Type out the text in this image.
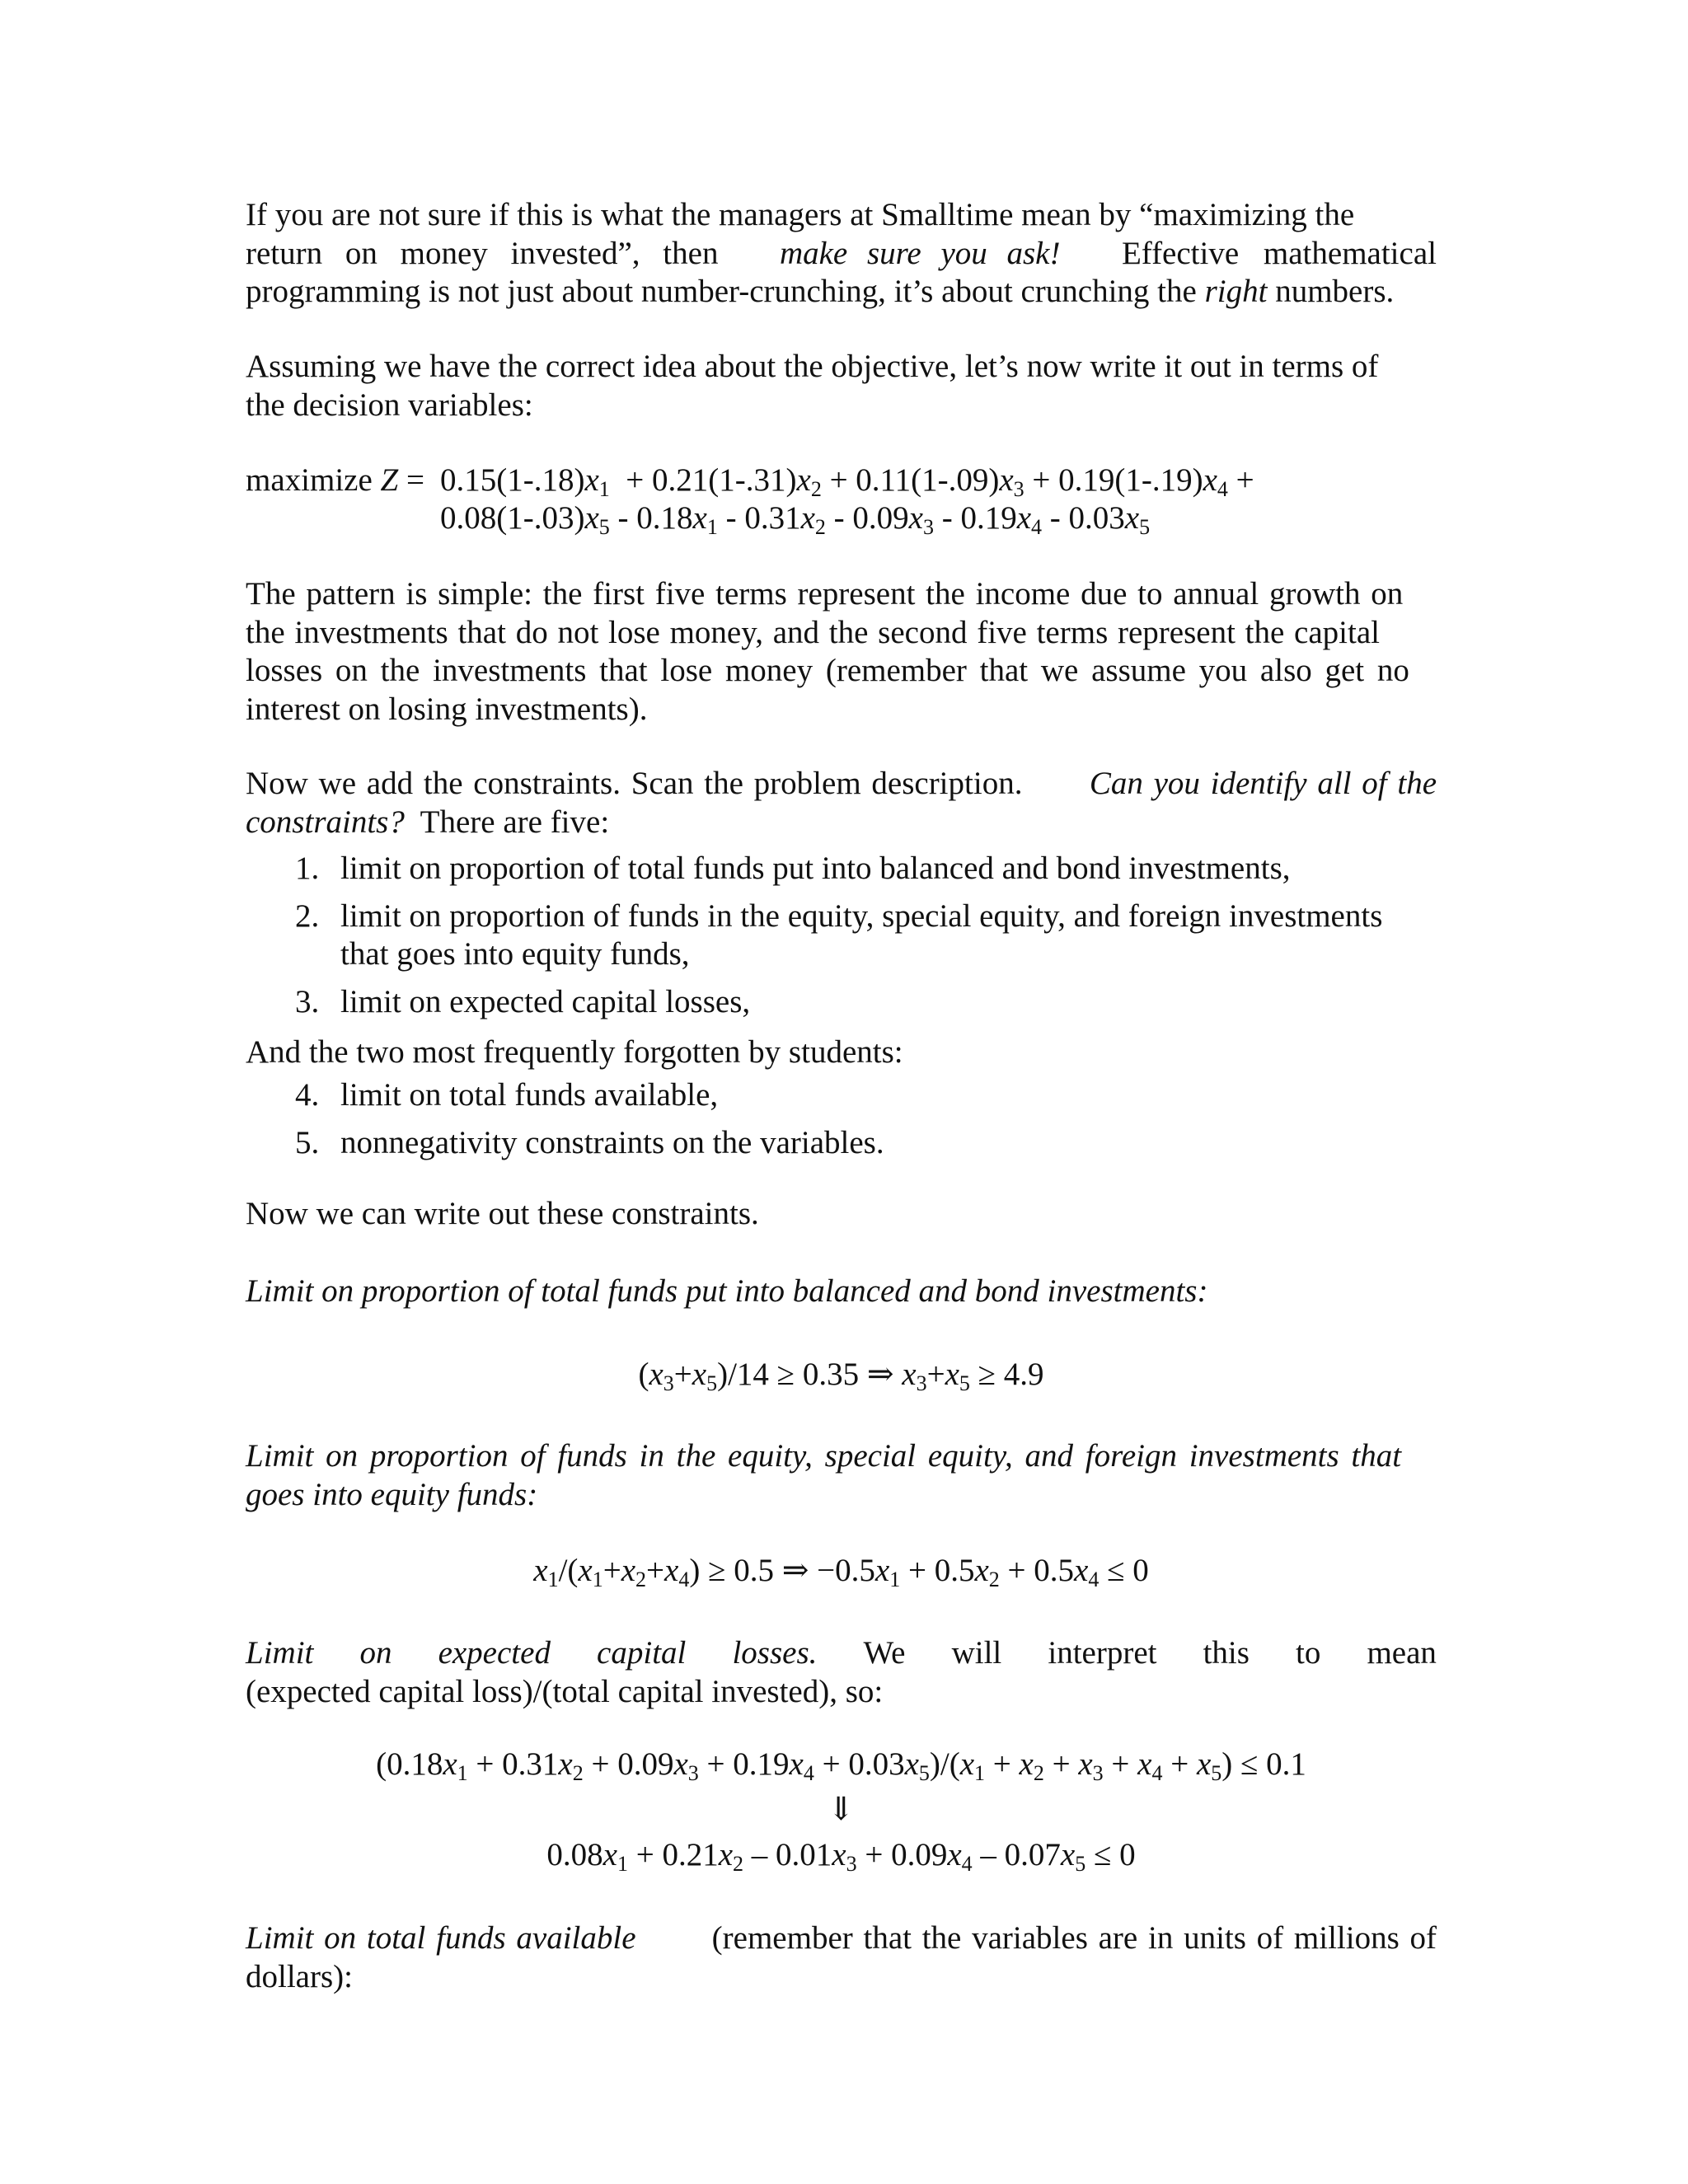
If you are not sure if this is what the managers at Smalltime mean by “maximizing the
return on money invested”, then make sure you ask! Effective mathematical
programming is not just about number-crunching, it’s about crunching the right numbers.
Assuming we have the correct idea about the objective, let’s now write it out in terms of
the decision variables:
maximize $Z = 0.15(1-.18)x_1 + 0.21(1-.31)x_2 + 0.11(1-.09)x_3 + 0.19(1-.19)x_4$ +
$0.08(1-.03)x_5 - 0.18x_1 - 0.31x_2 - 0.09x_3 - 0.19x_4 - 0.03x_5$
The pattern is simple: the first five terms represent the income due to annual growth on
the investments that do not lose money, and the second five terms represent the capital
losses on the investments that lose money (remember that we assume you also get no
interest on losing investments).
Now we add the constraints. Scan the problem description. Can you identify all of the
constraints? There are five:
1. limit on proportion of total funds put into balanced and bond investments,
2. limit on proportion of funds in the equity, special equity, and foreign investments
that goes into equity funds,
3. limit on expected capital losses,
And the two most frequently forgotten by students:
4. limit on total funds available,
5. nonnegativity constraints on the variables.
Now we can write out these constraints.
Limit on proportion of total funds put into balanced and bond investments:
$(x_3+x_5)/14 \ge 0.35$ ⇒ $x_3+x_5 \ge 4.9$
Limit on proportion of funds in the equity, special equity, and foreign investments that
goes into equity funds:
$x_1/(x_1+x_2+x_4) \ge 0.5$ ⇒ $-0.5x_1 + 0.5x_2 + 0.5x_4 \le 0$
Limit on expected capital losses. We will interpret this to mean
(expected capital loss)/(total capital invested), so:
$(0.18x_1 + 0.31x_2 + 0.09x_3 + 0.19x_4 + 0.03x_5)/(x_1 + x_2 + x_3 + x_4 + x_5) \le 0.1$
⇓
$0.08x_1 + 0.21x_2 - 0.01x_3 + 0.09x_4 - 0.07x_5 \le 0$
Limit on total funds available (remember that the variables are in units of millions of
dollars):
